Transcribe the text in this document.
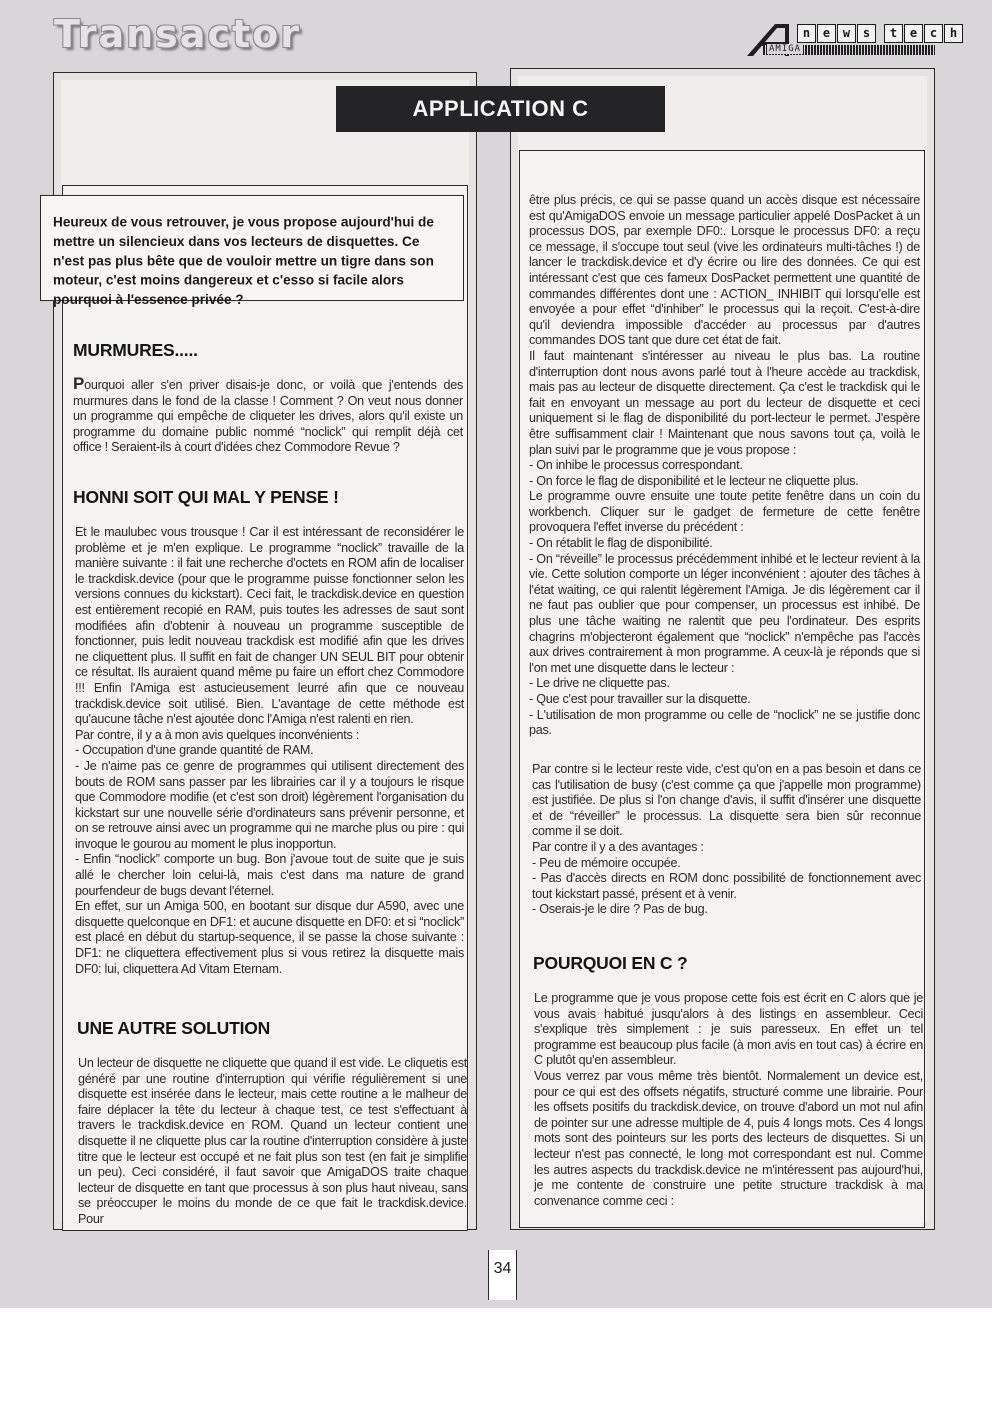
Transactor	n	e	w	s	t	e	c	h
AMIGA
APPLICATION C
Heureux de vous retrouver, je vous propose aujourd'hui de mettre un silencieux dans vos lecteurs de disquettes. Ce n'est pas plus bête que de vouloir mettre un tigre dans son moteur, c'est moins dangereux et c'esso si facile alors pourquoi à l'essence privée ?
MURMURES.....

Pourquoi aller s'en priver disais-je donc, or voilà que j'entends des murmures dans le fond de la classe ! Comment ? On veut nous donner un programme qui empêche de cliqueter les drives, alors qu'il existe un programme du domaine public nommé “noclick” qui remplit déjà cet office ! Seraient-ils à court d'idées chez Commodore Revue ?

HONNI SOIT QUI MAL Y PENSE !

Et le maulubec vous trousque ! Car il est intéressant de reconsidérer le problème et je m'en explique. Le programme “noclick” travaille de la manière suivante : il fait une recherche d'octets en ROM afin de localiser le trackdisk.device (pour que le programme puisse fonctionner selon les versions connues du kickstart). Ceci fait, le trackdisk.device en question est entièrement recopié en RAM, puis toutes les adresses de saut sont modifiées afin d'obtenir à nouveau un programme susceptible de fonctionner, puis ledit nouveau trackdisk est modifié afin que les drives ne cliquettent plus. Il suffit en fait de changer UN SEUL BIT pour obtenir ce résultat. Ils auraient quand même pu faire un effort chez Commodore !!! Enfin l'Amiga est astucieusement leurré afin que ce nouveau trackdisk.device soit utilisé. Bien. L'avantage de cette méthode est qu'aucune tâche n'est ajoutée donc l'Amiga n'est ralenti en rien.

Par contre, il y a à mon avis quelques inconvénients :

- Occupation d'une grande quantité de RAM.

- Je n'aime pas ce genre de programmes qui utilisent directement des bouts de ROM sans passer par les librairies car il y a toujours le risque que Commodore modifie (et c'est son droit) légèrement l'organisation du kickstart sur une nouvelle série d'ordinateurs sans prévenir personne, et on se retrouve ainsi avec un programme qui ne marche plus ou pire : qui invoque le gourou au moment le plus inopportun.

- Enfin “noclick” comporte un bug. Bon j'avoue tout de suite que je suis allé le chercher loin celui-là, mais c'est dans ma nature de grand pourfendeur de bugs devant l'éternel.

En effet, sur un Amiga 500, en bootant sur disque dur A590, avec une disquette quelconque en DF1: et aucune disquette en DF0: et si “noclick” est placé en début du startup-sequence, il se passe la chose suivante : DF1: ne cliquettera effectivement plus si vous retirez la disquette mais DF0: lui, cliquettera Ad Vitam Eternam.

UNE AUTRE SOLUTION

Un lecteur de disquette ne cliquette que quand il est vide. Le cliquetis est généré par une routine d'interruption qui vérifie régulièrement si une disquette est insérée dans le lecteur, mais cette routine a le malheur de faire déplacer la tête du lecteur à chaque test, ce test s'effectuant à travers le trackdisk.device en ROM. Quand un lecteur contient une disquette il ne cliquette plus car la routine d'interruption considère à juste titre que le lecteur est occupé et ne fait plus son test (en fait je simplifie un peu). Ceci considéré, il faut savoir que AmigaDOS traite chaque lecteur de disquette en tant que processus à son plus haut niveau, sans se préoccuper le moins du monde de ce que fait le trackdisk.device. Pour

être plus précis, ce qui se passe quand un accès disque est nécessaire est qu'AmigaDOS envoie un message particulier appelé DosPacket à un processus DOS, par exemple DF0:. Lorsque le processus DF0: a reçu ce message, il s'occupe tout seul (vive les ordinateurs multi-tâches !) de lancer le trackdisk.device et d'y écrire ou lire des données. Ce qui est intéressant c'est que ces fameux DosPacket permettent une quantité de commandes différentes dont une : ACTION_ INHIBIT qui lorsqu'elle est envoyée a pour effet “d'inhiber” le processus qui la reçoit. C'est-à-dire qu'il deviendra impossible d'accéder au processus par d'autres commandes DOS tant que dure cet état de fait.

Il faut maintenant s'intéresser au niveau le plus bas. La routine d'interruption dont nous avons parlé tout à l'heure accède au trackdisk, mais pas au lecteur de disquette directement. Ça c'est le trackdisk qui le fait en envoyant un message au port du lecteur de disquette et ceci uniquement si le flag de disponibilité du port-lecteur le permet. J'espère être suffisamment clair ! Maintenant que nous savons tout ça, voilà le plan suivi par le programme que je vous propose :

- On inhibe le processus correspondant.

- On force le flag de disponibilité et le lecteur ne cliquette plus.

Le programme ouvre ensuite une toute petite fenêtre dans un coin du workbench. Cliquer sur le gadget de fermeture de cette fenêtre provoquera l'effet inverse du précédent :

- On rétablit le flag de disponibilité.

- On “réveille” le processus précédemment inhibé et le lecteur revient à la vie. Cette solution comporte un léger inconvénient : ajouter des tâches à l'état waiting, ce qui ralentit légèrement l'Amiga. Je dis légèrement car il ne faut pas oublier que pour compenser, un processus est inhibé. De plus une tâche waiting ne ralentit que peu l'ordinateur. Des esprits chagrins m'objecteront également que “noclick” n'empêche pas l'accès aux drives contrairement à mon programme. A ceux-là je réponds que si l'on met une disquette dans le lecteur :

- Le drive ne cliquette pas.

- Que c'est pour travailler sur la disquette.

- L'utilisation de mon programme ou celle de “noclick” ne se justifie donc pas.

Par contre si le lecteur reste vide, c'est qu'on en a pas besoin et dans ce cas l'utilisation de busy (c'est comme ça que j'appelle mon programme) est justifiée. De plus si l'on change d'avis, il suffit d'insérer une disquette et de “réveiller” le processus. La disquette sera bien sûr reconnue comme il se doit.

Par contre il y a des avantages :

- Peu de mémoire occupée.

- Pas d'accès directs en ROM donc possibilité de fonctionnement avec tout kickstart passé, présent et à venir.

- Oserais-je le dire ? Pas de bug.

POURQUOI EN C ?

Le programme que je vous propose cette fois est écrit en C alors que je vous avais habitué jusqu'alors à des listings en assembleur. Ceci s'explique très simplement : je suis paresseux. En effet un tel programme est beaucoup plus facile (à mon avis en tout cas) à écrire en C plutôt qu'en assembleur.

Vous verrez par vous même très bientôt. Normalement un device est, pour ce qui est des offsets négatifs, structuré comme une librairie. Pour les offsets positifs du trackdisk.device, on trouve d'abord un mot nul afin de pointer sur une adresse multiple de 4, puis 4 longs mots. Ces 4 longs mots sont des pointeurs sur les ports des lecteurs de disquettes. Si un lecteur n'est pas connecté, le long mot correspondant est nul. Comme les autres aspects du trackdisk.device ne m'intéressent pas aujourd'hui, je me contente de construire une petite structure trackdisk à ma convenance comme ceci :

34
